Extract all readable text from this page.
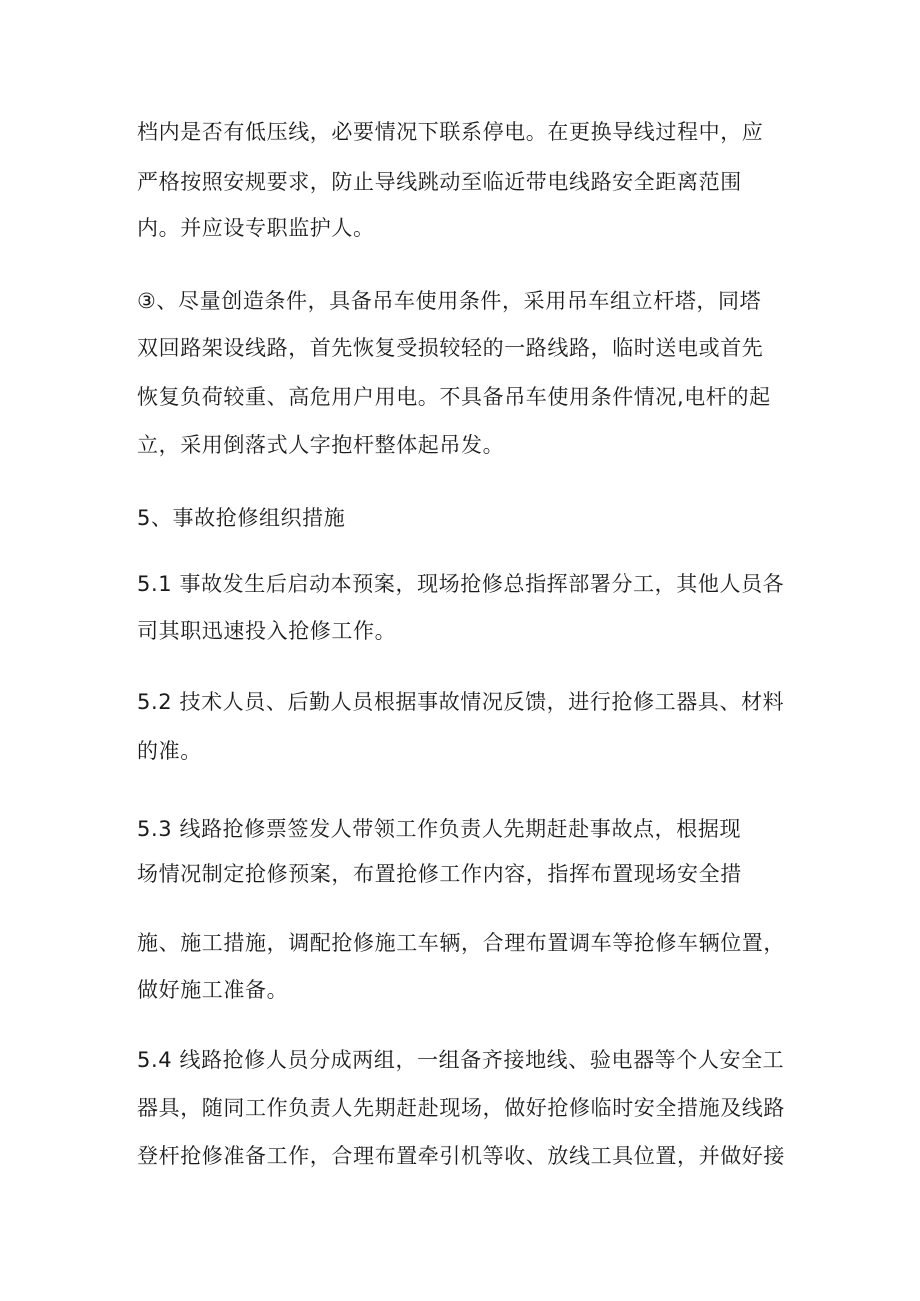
档内是否有低压线，必要情况下联系停电。在更换导线过程中，应
严格按照安规要求，防止导线跳动至临近带电线路安全距离范围
内。并应设专职监护人。
③、尽量创造条件，具备吊车使用条件，采用吊车组立杆塔，同塔
双回路架设线路，首先恢复受损较轻的一路线路，临时送电或首先
恢复负荷较重、高危用户用电。不具备吊车使用条件情况,电杆的起
立，采用倒落式人字抱杆整体起吊发。
5、事故抢修组织措施
5.1 事故发生后启动本预案，现场抢修总指挥部署分工，其他人员各
司其职迅速投入抢修工作。
5.2 技术人员、后勤人员根据事故情况反馈，进行抢修工器具、材料
的准。
5.3 线路抢修票签发人带领工作负责人先期赶赴事故点，根据现
场情况制定抢修预案，布置抢修工作内容，指挥布置现场安全措
施、施工措施，调配抢修施工车辆，合理布置调车等抢修车辆位置，
做好施工准备。
5.4 线路抢修人员分成两组，一组备齐接地线、验电器等个人安全工
器具，随同工作负责人先期赶赴现场，做好抢修临时安全措施及线路
登杆抢修准备工作，合理布置牵引机等收、放线工具位置，并做好接
